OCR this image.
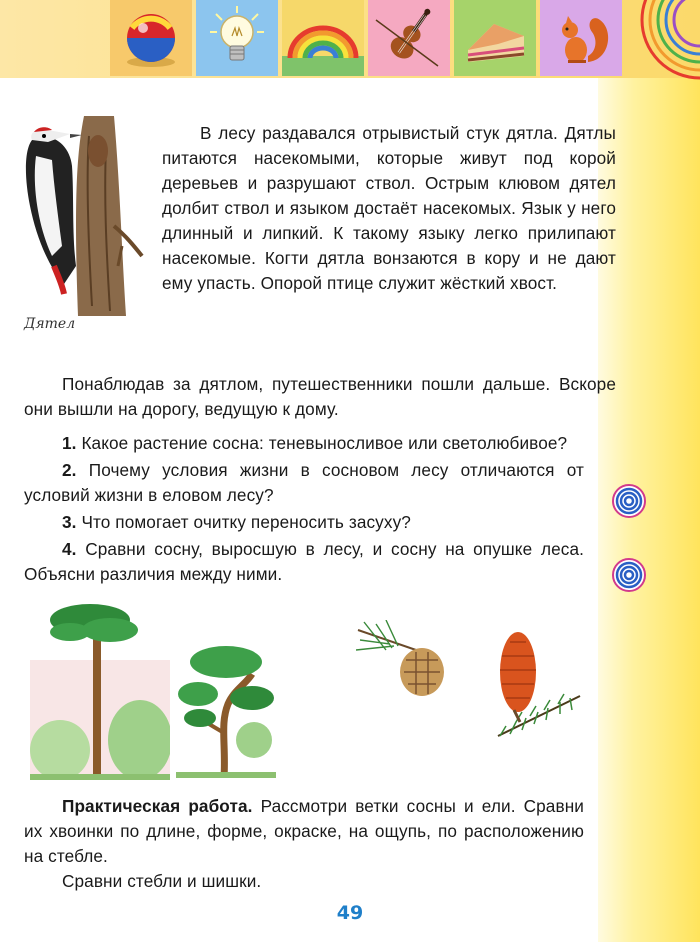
Дятел

В лесу раздавался отрывистый стук дятла. Дятлы питаются насекомыми, которые живут под корой деревьев и разрушают ствол. Острым клювом дятел долбит ствол и языком достаёт насекомых. Язык у него длинный и липкий. К такому языку легко прилипают насекомые. Когти дятла вонзаются в кору и не дают ему упасть. Опорой птице служит жёсткий хвост.

Понаблюдав за дятлом, путешественники пошли дальше. Вскоре они вышли на дорогу, ведущую к дому.

1. Какое растение сосна: теневыносливое или светолюбивое?

2. Почему условия жизни в сосновом лесу отличаются от условий жизни в еловом лесу?

3. Что помогает очитку переносить засуху?

4. Сравни сосну, выросшую в лесу, и сосну на опушке леса. Объясни различия между ними.

Практическая работа. Рассмотри ветки сосны и ели. Сравни их хвоинки по длине, форме, окраске, на ощупь, по расположению на стебле.

Сравни стебли и шишки.

49
